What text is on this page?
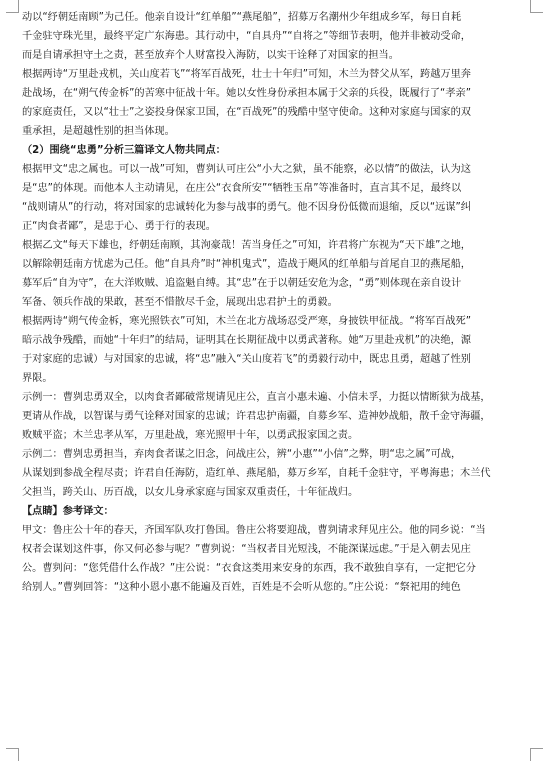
动以“纾朝廷南顾”为己任。他亲自设计“红单船”“燕尾船”，招募万名潮州少年组成乡军，每日自耗
千金驻守珠光里，最终平定广东海患。其行动中，“自具舟”“自将之”等细节表明，他并非被动受命，
而是自请承担守土之责，甚至放弃个人财富投入海防，以实干诠释了对国家的担当。
根据两诗“万里赴戎机，关山度若飞”“将军百战死，壮士十年归”可知，木兰为替父从军，跨越万里奔
赴战场，在“朔气传金柝”的苦寒中征战十年。她以女性身份承担本属于父亲的兵役，既履行了“孝亲”
的家庭责任，又以“壮士”之姿投身保家卫国，在“百战死”的残酷中坚守使命。这种对家庭与国家的双
重承担，是超越性别的担当体现。
（2）围绕“忠勇”分析三篇译文人物共同点：
根据甲文“忠之属也。可以一战”可知，曹刿认可庄公“小大之狱，虽不能察，必以情”的做法，认为这
是“忠”的体现。而他本人主动请见，在庄公“衣食所安”“牺牲玉帛”等准备时，直言其不足，最终以
“战则请从”的行动，将对国家的忠诚转化为参与战事的勇气。他不因身份低微而退缩，反以“远谋”纠
正“肉食者鄙”，是忠于心、勇于行的表现。
根据乙文“每天下雄也，纾朝廷南顾，其洵豪哉！苦当身任之”可知，许君将广东视为“天下雄”之地，
以解除朝廷南方忧虑为己任。他“自具舟”时“神机鬼式”，造战于飓风的红单船与首尾自卫的燕尾船，
募军后“自为守”，在大洋败贼、追盗魁自缚。其“忠”在于以朝廷安危为念，“勇”则体现在亲自设计
军备、领兵作战的果敢，甚至不惜散尽千金，展现出忠君护土的勇毅。
根据两诗“朔气传金柝，寒光照铁衣”可知，木兰在北方战场忍受严寒，身披铁甲征战。“将军百战死”
暗示战争残酷，而她“十年归”的结局，证明其在长期征战中以勇武著称。她“万里赴戎机”的决绝，源
于对家庭的忠诚）与对国家的忠诚，将“忠”融入“关山度若飞”的勇毅行动中，既忠且勇，超越了性别
界限。
示例一：曹刿忠勇双全，以肉食者鄙破常规请见庄公，直言小惠未遍、小信未孚，力挺以情断狱为战基，
更请从作战，以智谋与勇气诠释对国家的忠诚；许君忠护南疆，自募乡军、造神妙战船，散千金守海疆，
败贼平盗；木兰忠孝从军，万里赴战，寒光照甲十年，以勇武报家国之责。
示例二：曹刿忠勇担当，弃肉食者谋之旧念，问战庄公，辨“小惠”“小信”之弊，明“忠之属”可战，
从谋划到参战全程尽责；许君自任海防，造红单、燕尾船，募万乡军，自耗千金驻守，平粤海患；木兰代
父担当，跨关山、历百战，以女儿身承家庭与国家双重责任，十年征战归。
【点睛】参考译文：
甲文：鲁庄公十年的春天，齐国军队攻打鲁国。鲁庄公将要迎战，曹刿请求拜见庄公。他的同乡说：“当
权者会谋划这件事，你又何必参与呢？”曹刿说：“当权者目光短浅，不能深谋远虑。”于是入朝去见庄
公。曹刿问：“您凭借什么作战？”庄公说：“衣食这类用来安身的东西，我不敢独自享有，一定把它分
给别人。”曹刿回答：“这种小恩小惠不能遍及百姓，百姓是不会听从您的。”庄公说：“祭祀用的纯色
